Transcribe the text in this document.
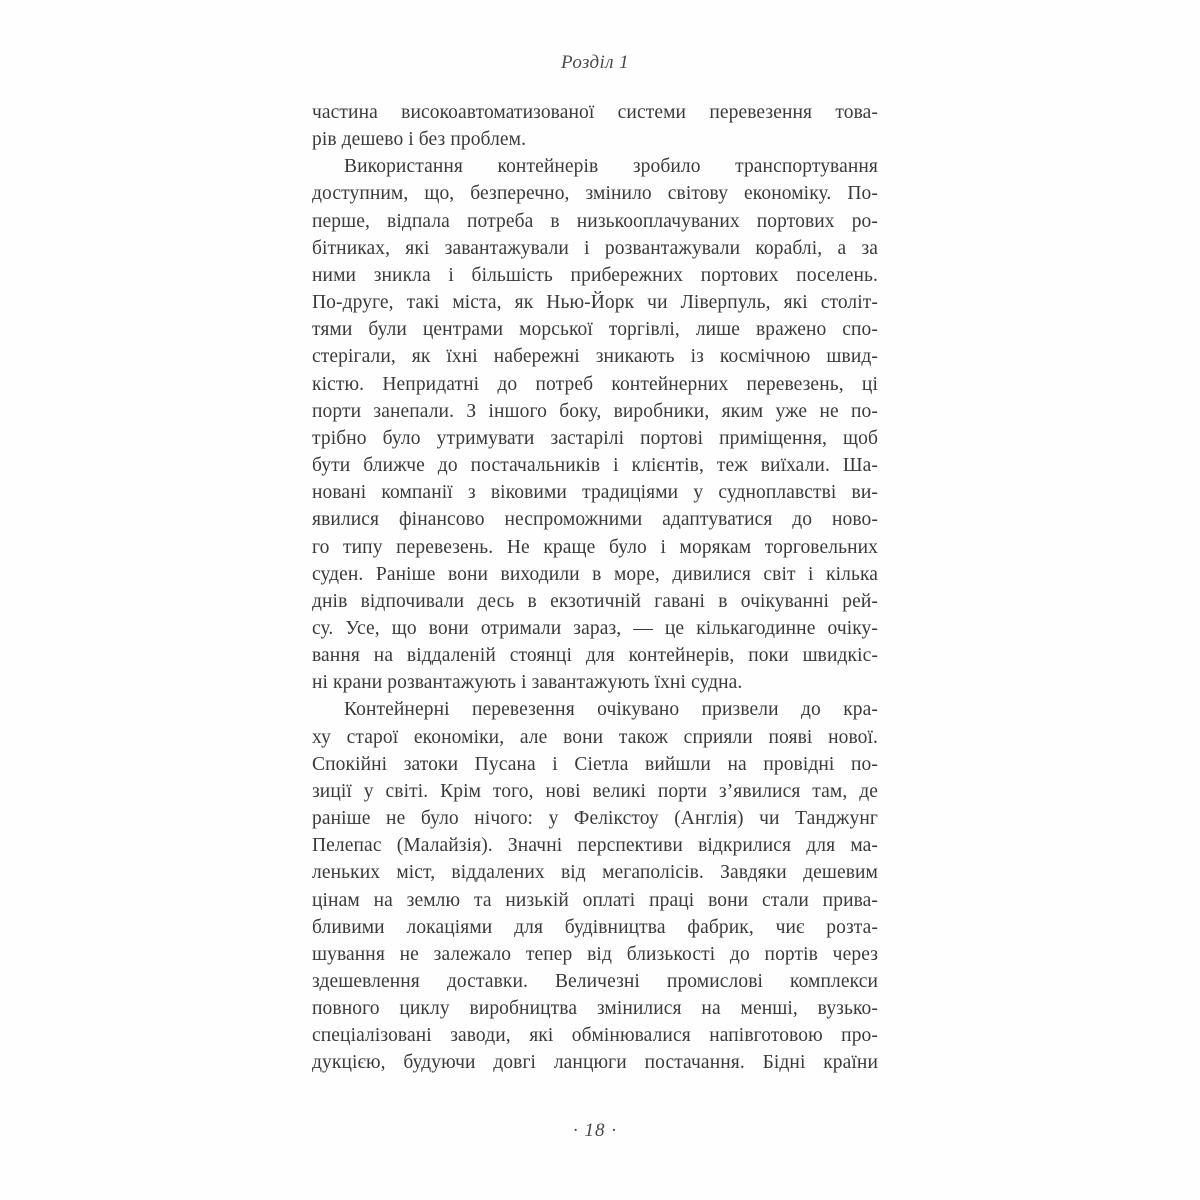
Розділ 1
частина високоавтоматизованої системи перевезення това-
рів дешево і без проблем.
Використання контейнерів зробило транспортування
доступним, що, безперечно, змінило світову економіку. По-
перше, відпала потреба в низькооплачуваних портових ро-
бітниках, які завантажували і розвантажували кораблі, а за
ними зникла і більшість прибережних портових поселень.
По-друге, такі міста, як Нью-Йорк чи Ліверпуль, які століт-
тями були центрами морської торгівлі, лише вражено спо-
стерігали, як їхні набережні зникають із космічною швид-
кістю. Непридатні до потреб контейнерних перевезень, ці
порти занепали. З іншого боку, виробники, яким уже не по-
трібно було утримувати застарілі портові приміщення, щоб
бути ближче до постачальників і клієнтів, теж виїхали. Ша-
новані компанії з віковими традиціями у судноплавстві ви-
явилися фінансово неспроможними адаптуватися до ново-
го типу перевезень. Не краще було і морякам торговельних
суден. Раніше вони виходили в море, дивилися світ і кілька
днів відпочивали десь в екзотичній гавані в очікуванні рей-
су. Усе, що вони отримали зараз, — це кількагодинне очіку-
вання на віддаленій стоянці для контейнерів, поки швидкіс-
ні крани розвантажують і завантажують їхні судна.
Контейнерні перевезення очікувано призвели до кра-
ху старої економіки, але вони також сприяли появі нової.
Спокійні затоки Пусана і Сіетла вийшли на провідні по-
зиції у світі. Крім того, нові великі порти з’явилися там, де
раніше не було нічого: у Фелікстоу (Англія) чи Танджунг
Пелепас (Малайзія). Значні перспективи відкрилися для ма-
леньких міст, віддалених від мегаполісів. Завдяки дешевим
цінам на землю та низькій оплаті праці вони стали прива-
бливими локаціями для будівництва фабрик, чиє розта-
шування не залежало тепер від близькості до портів через
здешевлення доставки. Величезні промислові комплекси
повного циклу виробництва змінилися на менші, вузько-
спеціалізовані заводи, які обмінювалися напівготовою про-
дукцією, будуючи довгі ланцюги постачання. Бідні країни
· 18 ·
